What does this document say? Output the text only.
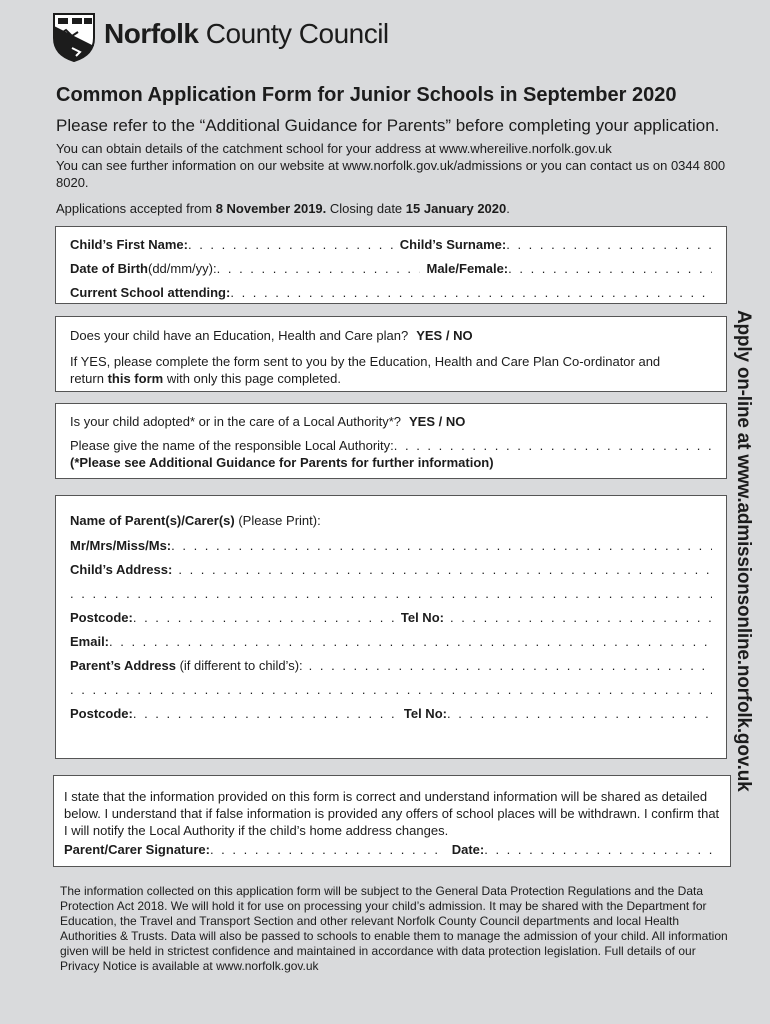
Norfolk County Council
Common Application Form for Junior Schools in September 2020

Please refer to the “Additional Guidance for Parents” before completing your application.

You can obtain details of the catchment school for your address at www.whereilive.norfolk.gov.uk

You can see further information on our website at www.norfolk.gov.uk/admissions or you can contact us on 0344 800 8020.

Applications accepted from 8 November 2019. Closing date 15 January 2020.
Child’s First Name: . . .	Child’s Surname:
. . .
Date of Birth(dd/mm/yy): . . .	Male/Female:
. . .
Current School attending:
. . .

Does your child have an Education, Health and Care plan? YES / NO

If YES, please complete the form sent to you by the Education, Health and Care Plan Co-ordinator and return this form with only this page completed.

Is your child adopted* or in the care of a Local Authority*? YES / NO

Please give the name of the responsible Local Authority:
. . .

(*Please see Additional Guidance for Parents for further information)

Name of Parent(s)/Carer(s) (Please Print):
Mr/Mrs/Miss/Ms:
. . .
Child’s Address:
. . .
. . .
Postcode: . . .	Tel No:
. . .
Email:
. . .
Parent’s Address (if different to child’s):
. . .
. . .
Postcode: . . .	Tel No:
. . .

I state that the information provided on this form is correct and understand information will be shared as detailed below. I understand that if false information is provided any offers of school places will be withdrawn. I confirm that I will notify the Local Authority if the child’s home address changes.

Parent/Carer Signature: . . .	Date:
. . .
Apply on-line at www.admissionsonline.norfolk.gov.uk

The information collected on this application form will be subject to the General Data Protection Regulations and the Data Protection Act 2018. We will hold it for use on processing your child’s admission. It may be shared with the Department for Education, the Travel and Transport Section and other relevant Norfolk County Council departments and local Health Authorities & Trusts. Data will also be passed to schools to enable them to manage the admission of your child. All information given will be held in strictest confidence and maintained in accordance with data protection legislation. Full details of our Privacy Notice is available at www.norfolk.gov.uk
